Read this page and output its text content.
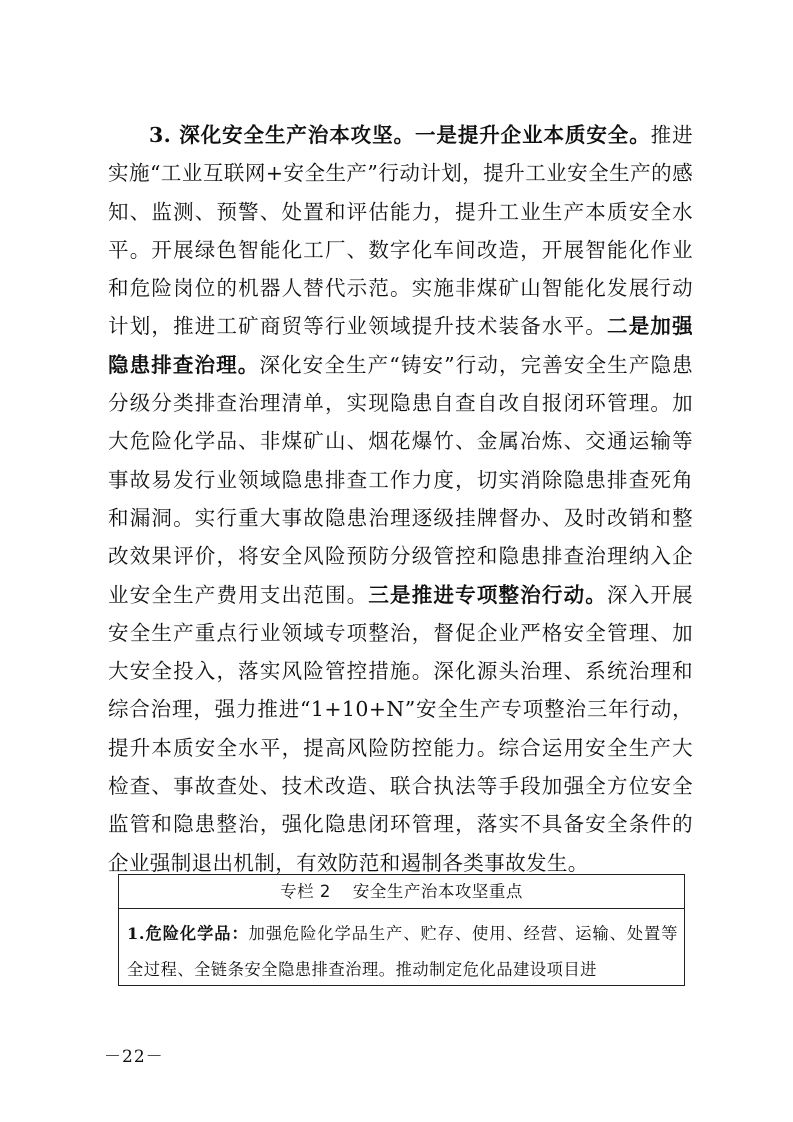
3. 深化安全生产治本攻坚。一是提升企业本质安全。推进实施“工业互联网+安全生产”行动计划，提升工业安全生产的感知、监测、预警、处置和评估能力，提升工业生产本质安全水平。开展绿色智能化工厂、数字化车间改造，开展智能化作业和危险岗位的机器人替代示范。实施非煤矿山智能化发展行动计划，推进工矿商贸等行业领域提升技术装备水平。二是加强隐患排查治理。深化安全生产“铸安”行动，完善安全生产隐患分级分类排查治理清单，实现隐患自查自改自报闭环管理。加大危险化学品、非煤矿山、烟花爆竹、金属冶炼、交通运输等事故易发行业领域隐患排查工作力度，切实消除隐患排查死角和漏洞。实行重大事故隐患治理逐级挂牌督办、及时改销和整改效果评价，将安全风险预防分级管控和隐患排查治理纳入企业安全生产费用支出范围。三是推进专项整治行动。深入开展安全生产重点行业领域专项整治，督促企业严格安全管理、加大安全投入，落实风险管控措施。深化源头治理、系统治理和综合治理，强力推进“1+10+N”安全生产专项整治三年行动，提升本质安全水平，提高风险防控能力。综合运用安全生产大检查、事故查处、技术改造、联合执法等手段加强全方位安全监管和隐患整治，强化隐患闭环管理，落实不具备安全条件的企业强制退出机制，有效防范和遏制各类事故发生。

专栏 2 安全生产治本攻坚重点
1.危险化学品：加强危险化学品生产、贮存、使用、经营、运输、处置等全过程、全链条安全隐患排查治理。推动制定危化品建设项目进
－22－
